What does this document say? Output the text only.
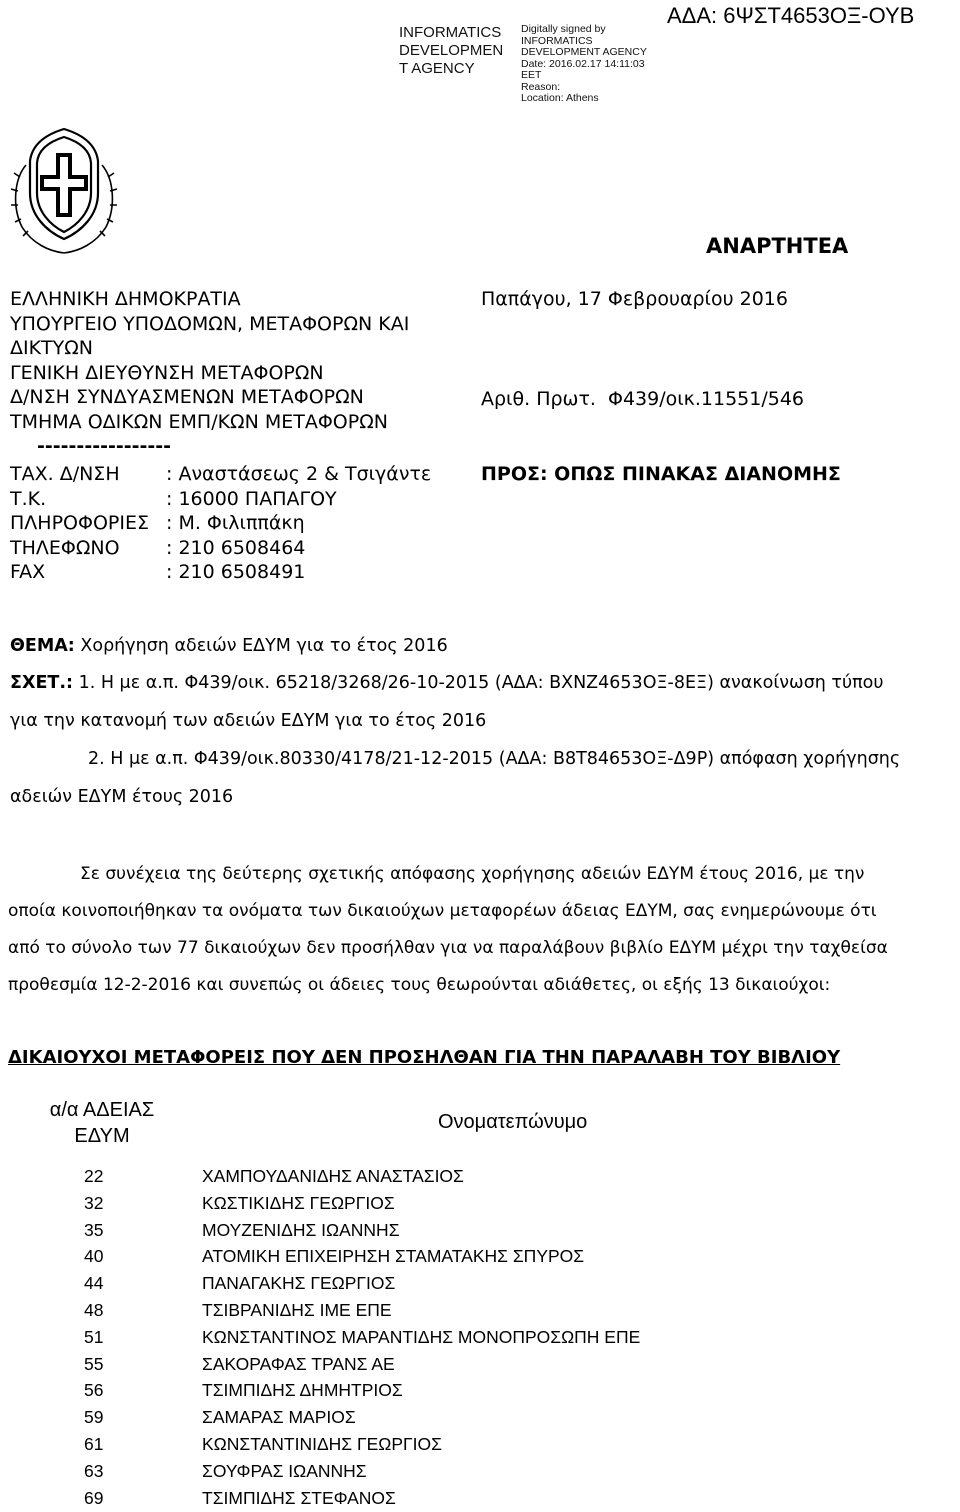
INFORMATICS
DEVELOPMEN
T AGENCY
Digitally signed by
INFORMATICS
DEVELOPMENT AGENCY
Date: 2016.02.17 14:11:03
EET
Reason:
Location: Athens
ΑΔΑ: 6ΨΣΤ4653ΟΞ-ΟΥΒ
ΑΝΑΡΤΗΤΕΑ
ΕΛΛΗΝΙΚΗ ΔΗΜΟΚΡΑΤΙΑ
ΥΠΟΥΡΓΕΙΟ ΥΠΟΔΟΜΩΝ, ΜΕΤΑΦΟΡΩΝ ΚΑΙ
ΔΙΚΤΥΩΝ
ΓΕΝΙΚΗ ΔΙΕΥΘΥΝΣΗ ΜΕΤΑΦΟΡΩΝ
Δ/ΝΣΗ ΣΥΝΔΥΑΣΜΕΝΩΝ ΜΕΤΑΦΟΡΩΝ
ΤΜΗΜΑ ΟΔΙΚΩΝ ΕΜΠ/ΚΩΝ ΜΕΤΑΦΟΡΩΝ
-----------------
ΤΑΧ. Δ/ΝΣΗ : Αναστάσεως 2 & Τσιγάντε
Τ.Κ.	: 16000 ΠΑΠΑΓΟΥ
ΠΛΗΡΟΦΟΡΙΕΣ : Μ. Φιλιππάκη
ΤΗΛΕΦΩΝΟ : 210 6508464
FAX	: 210 6508491
Παπάγου, 17 Φεβρουαρίου 2016
Αριθ. Πρωτ. Φ439/οικ.11551/546
ΠΡΟΣ: ΟΠΩΣ ΠΙΝΑΚΑΣ ΔΙΑΝΟΜΗΣ
ΘΕΜΑ: Χορήγηση αδειών ΕΔΥΜ για το έτος 2016
ΣΧΕΤ.: 1. Η με α.π. Φ439/οικ. 65218/3268/26-10-2015 (ΑΔΑ: ΒΧΝΖ4653ΟΞ-8ΕΞ) ανακοίνωση τύπου
για την κατανομή των αδειών ΕΔΥΜ για το έτος 2016
2. Η με α.π. Φ439/οικ.80330/4178/21-12-2015 (ΑΔΑ: Β8Τ84653ΟΞ-Δ9Ρ) απόφαση χορήγησης
αδειών ΕΔΥΜ έτους 2016
Σε συνέχεια της δεύτερης σχετικής απόφασης χορήγησης αδειών ΕΔΥΜ έτους 2016, με την
οποία κοινοποιήθηκαν τα ονόματα των δικαιούχων μεταφορέων άδειας ΕΔΥΜ, σας ενημερώνουμε ότι
από το σύνολο των 77 δικαιούχων δεν προσήλθαν για να παραλάβουν βιβλίο ΕΔΥΜ μέχρι την ταχθείσα
προθεσμία 12-2-2016 και συνεπώς οι άδειες τους θεωρούνται αδιάθετες, οι εξής 13 δικαιούχοι:
ΔΙΚΑΙΟΥΧΟΙ ΜΕΤΑΦΟΡΕΙΣ ΠΟΥ ΔΕΝ ΠΡΟΣΗΛΘΑΝ ΓΙΑ ΤΗΝ ΠΑΡΑΛΑΒΗ ΤΟΥ ΒΙΒΛΙΟΥ
α/α ΑΔΕΙΑΣ
ΕΔΥΜ
Ονοματεπώνυμο
22	ΧΑΜΠΟΥΔΑΝΙΔΗΣ ΑΝΑΣΤΑΣΙΟΣ
32	ΚΩΣΤΙΚΙΔΗΣ ΓΕΩΡΓΙΟΣ
35	ΜΟΥΖΕΝΙΔΗΣ ΙΩΑΝΝΗΣ
40	ΑΤΟΜΙΚΗ ΕΠΙΧΕΙΡΗΣΗ ΣΤΑΜΑΤΑΚΗΣ ΣΠΥΡΟΣ
44	ΠΑΝΑΓΑΚΗΣ ΓΕΩΡΓΙΟΣ
48	ΤΣΙΒΡΑΝΙΔΗΣ ΙΜΕ ΕΠΕ
51	ΚΩΝΣΤΑΝΤΙΝΟΣ ΜΑΡΑΝΤΙΔΗΣ ΜΟΝΟΠΡΟΣΩΠΗ ΕΠΕ
55	ΣΑΚΟΡΑΦΑΣ ΤΡΑΝΣ ΑΕ
56	ΤΣΙΜΠΙΔΗΣ ΔΗΜΗΤΡΙΟΣ
59	ΣΑΜΑΡΑΣ ΜΑΡΙΟΣ
61	ΚΩΝΣΤΑΝΤΙΝΙΔΗΣ ΓΕΩΡΓΙΟΣ
63	ΣΟΥΦΡΑΣ ΙΩΑΝΝΗΣ
69	ΤΣΙΜΠΙΔΗΣ ΣΤΕΦΑΝΟΣ
